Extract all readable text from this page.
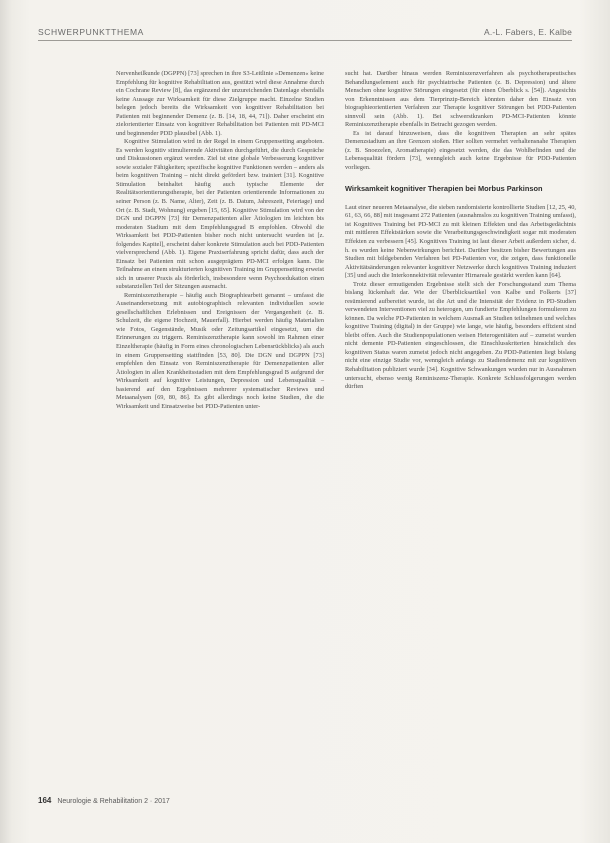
SCHWERPUNKTTHEMA	A.-L. Fabers, E. Kalbe

Nervenheilkunde (DGPPN) [73] sprechen in ihre S3-Leitlinie »Demenzen« keine Empfehlung für kognitive Rehabilitation aus, gestützt wird diese Annahme durch ein Cochrane Review [8], das ergänzend der unzureichenden Datenlage ebenfalls keine Aussage zur Wirksamkeit für diese Zielgruppe macht. Einzelne Studien belegen jedoch bereits die Wirksamkeit von kognitiver Rehabilitation bei Patienten mit beginnender Demenz (z. B. [14, 18, 44, 71]). Daher erscheint ein zielorientierter Einsatz von kognitiver Rehabilitation bei Patienten mit PD-MCI und beginnender PDD plausibel (Abb. 1).

Kognitive Stimulation wird in der Regel in einem Gruppensetting angeboten. Es werden kognitiv stimulierende Aktivitäten durchgeführt, die durch Gespräche und Diskussionen ergänzt werden. Ziel ist eine globale Verbesserung kognitiver sowie sozialer Fähigkeiten; spezifische kognitive Funktionen werden – anders als beim kognitiven Training – nicht direkt gefördert bzw. trainiert [31]. Kognitive Stimulation beinhaltet häufig auch typische Elemente der Realitätsorientierungstherapie, bei der Patienten orientierende Informationen zu seiner Person (z. B. Name, Alter), Zeit (z. B. Datum, Jahreszeit, Feiertage) und Ort (z. B. Stadt, Wohnung) ergeben [15, 65]. Kognitive Stimulation wird von der DGN und DGPPN [73] für Demenzpatienten aller Ätiologien im leichten bis moderaten Stadium mit dem Empfehlungsgrad B empfohlen. Obwohl die Wirksamkeit bei PDD-Patienten bisher noch nicht untersucht wurden ist [z. folgendes Kapitel], erscheint daher konkrete Stimulation auch bei PDD-Patienten vielversprechend (Abb. 1). Eigene Praxiserfahrung spricht dafür, dass auch der Einsatz bei Patienten mit schon ausgeprägtem PD-MCI erfolgen kann. Die Teilnahme an einem strukturierten kognitiven Training im Gruppensetting erweist sich in unserer Praxis als förderlich, insbesondere wenn Psychoedukation einen substanziellen Teil der Sitzungen ausmacht.

Reminiszenztherapie – häufig auch Biographiearbeit genannt – umfasst die Auseinandersetzung mit autobiographisch relevanten individuellen sowie gesellschaftlichen Erlebnissen und Ereignissen der Vergangenheit (z. B. Schulzeit, die eigene Hochzeit, Mauerfall). Hierbei werden häufig Materialien wie Fotos, Gegenstände, Musik oder Zeitungsartikel eingesetzt, um die Erinnerungen zu triggern. Reminiszenztherapie kann sowohl im Rahmen einer Einzeltherapie (häufig in Form eines chronologischen Lebensrückblicks) als auch in einem Gruppensetting stattfinden [53, 80]. Die DGN und DGPPN [73] empfehlen den Einsatz von Reminiszenztherapie für Demenzpatienten aller Ätiologien in allen Krankheitsstadien mit dem Empfehlungsgrad B aufgrund der Wirksamkeit auf kognitive Leistungen, Depression und Lebensqualität – basierend auf den Ergebnissen mehrerer systematischer Reviews und Metaanalysen [69, 80, 86]. Es gibt allerdings noch keine Studien, die die Wirksamkeit und Einsatzweise bei PDD-Patienten unter-

sucht hat. Darüber hinaus werden Reminiszenzverfahren als psychotherapeutisches Behandlungselement auch für psychiatrische Patienten (z. B. Depression) und ältere Menschen ohne kognitive Störungen eingesetzt (für einen Überblick s. [54]). Angesichts von Erkenntnissen aus dem Tierprinzip-Bereich könnten daher den Einsatz von biographieorientierten Verfahren zur Therapie kognitiver Störungen bei PDD-Patienten sinnvoll sein (Abb. 1). Bei schwerstkranken PD-MCI-Patienten könnte Reminiszenztherapie ebenfalls in Betracht gezogen werden.

Es ist darauf hinzuweisen, dass die kognitiven Therapien an sehr spätes Demenzstadium an ihre Grenzen stoßen. Hier sollten vermehrt verhaltensnahe Therapien (z. B. Snoezelen, Aromatherapie) eingesetzt werden, die das Wohlbefinden und die Lebensqualität fördern [73], wenngleich auch keine Ergebnisse für PDD-Patienten vorliegen.

Wirksamkeit kognitiver Therapien bei Morbus Parkinson

Laut einer neueren Metaanalyse, die sieben randomisierte kontrollierte Studien [12, 25, 40, 61, 63, 66, 88] mit insgesamt 272 Patienten (ausnahmslos zu kognitiven Training umfasst), ist Kognitives Training bei PD-MCI zu mit kleinen Effekten und das Arbeitsgedächtnis mit mittleren Effektstärken sowie die Verarbeitungsgeschwindigkeit sogar mit moderaten Effekten zu verbessern [45]. Kognitives Training ist laut dieser Arbeit außerdem sicher, d. h. es wurden keine Nebenwirkungen berichtet. Darüber besitzen bisher Bewertungen aus Studien mit bildgebenden Verfahren bei PD-Patienten vor, die zeigen, dass funktionelle Aktivitätsänderungen relevanter kognitiver Netzwerke durch kognitives Training induziert [35] und auch die Interkonnektivität relevanter Hirnareale gestärkt werden kann [64].

Trotz dieser ermutigenden Ergebnisse stellt sich der Forschungsstand zum Thema bislang lückenhaft dar. Wie der Überblicksartikel von Kalbe und Folkerts [37] resümierend aufbereitet wurde, ist die Art und die Intensität der Evidenz in PD-Studien verwendeten Interventionen viel zu heterogen, um fundierte Empfehlungen formulieren zu können. Da welche PD-Patienten in welchem Ausmaß an Studien teilnehmen und welches kognitive Training (digital) in der Gruppe) wie lange, wie häufig, besonders effizient sind bleibt offen. Auch die Studienpopulationen weisen Heterogenitäten auf – zumeist wurden nicht demente PD-Patienten eingeschlossen, die Einschlusskriterien hinsichtlich des kognitiven Status waren zumeist jedoch nicht angegeben. Zu PDD-Patienten liegt bislang nicht eine einzige Studie vor, wenngleich anfangs zu Stadiendemenz mit zur kognitiven Rehabilitation publiziert wurde [34]. Kognitive Schwankungen wurden nur in Ausnahmen untersucht, ebenso wenig Reminiszenz-Therapie. Konkrete Schlussfolgerungen werden dürften

164 Neurologie & Rehabilitation 2 · 2017
